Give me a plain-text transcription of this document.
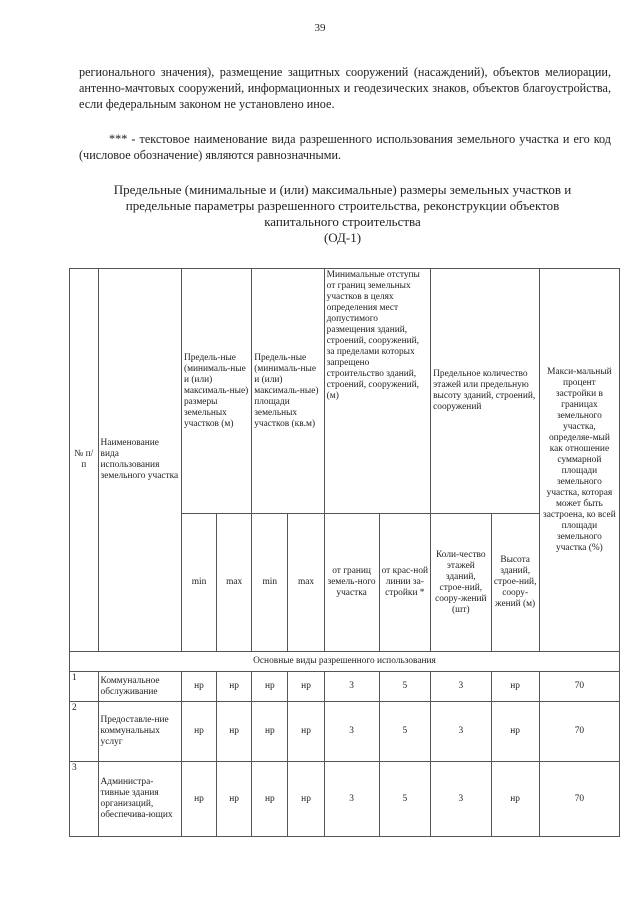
39
регионального значения), размещение защитных сооружений (насаждений), объектов мелиорации, антенно-мачтовых сооружений, информационных и геодезических знаков, объектов благоустройства, если федеральным законом не установлено иное.
*** - текстовое наименование вида разрешенного использования земельного участка и его код (числовое обозначение) являются равнозначными.
Предельные (минимальные и (или) максимальные) размеры земельных участков и
предельные параметры разрешенного строительства, реконструкции объектов
капитального строительства
(ОД-1)
№ п/п	Наименование вида использования земельного участка	Предель-ные (минималь-ные и (или) максималь-ные) размеры земельных участков (м)		Предель-ные (минималь-ные и (или) максималь-ные) площади земельных участков (кв.м)		Минимальные отступы от границ земельных участков в целях определения мест допустимого размещения зданий, строений, сооружений, за пределами которых запрещено строительство зданий, строений, сооружений, (м)		Предельное количество этажей или предельную высоту зданий, строений, сооружений		Макси-мальный процент застройки в границах земельного участка, определяе-мый как отношение суммарной площади земельного участка, которая может быть застроена, ко всей площади земельного участка (%)
		min	max	min	max	от границ земель-ного участка	от крас-ной линии за-стройки *	Коли-чество этажей зданий, строе-ний, соору-жений (шт)	Высота зданий, строе-ний, соору-жений (м)	
Основные виды разрешенного использования										
1	Коммунальное обслуживание	нр	нр	нр	нр	3	5	3	нр	70
2	Предоставле-ние коммунальных услуг	нр	нр	нр	нр	3	5	3	нр	70
3	Администра-тивные здания организаций, обеспечива-ющих	нр	нр	нр	нр	3	5	3	нр	70
